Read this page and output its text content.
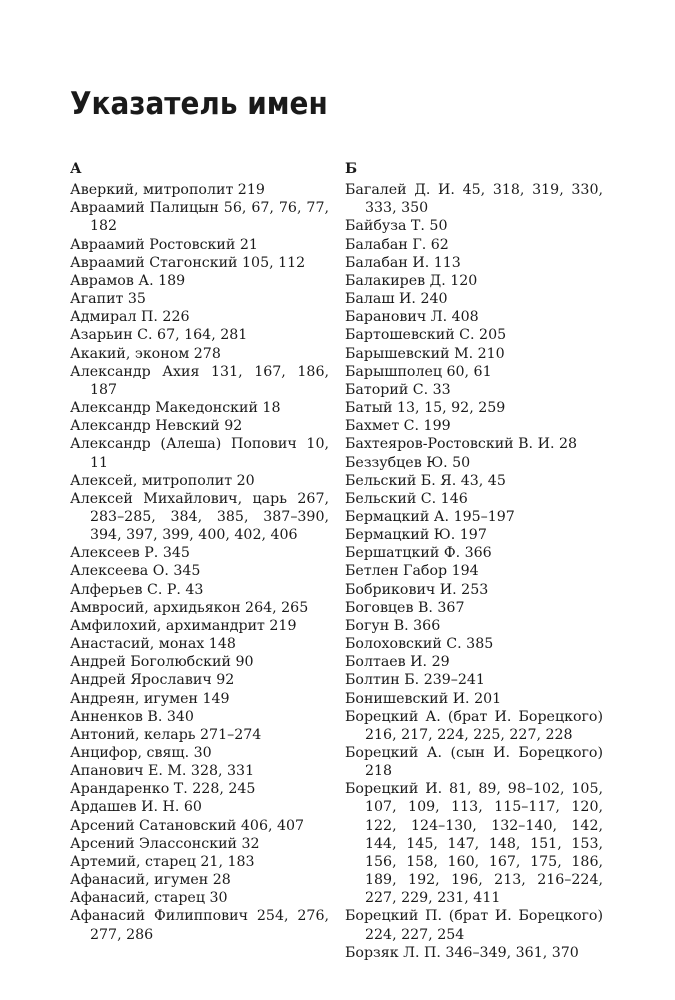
Указатель имен

А

Аверкий, митрополит 219

Авраамий Палицын 56, 67, 76, 77, 182

Авраамий Ростовский 21

Авраамий Стагонский 105, 112

Аврамов А. 189

Агапит 35

Адмирал П. 226

Азарьин С. 67, 164, 281

Акакий, эконом 278

Александр Ахия 131, 167, 186, 187

Александр Македонский 18

Александр Невский 92

Александр (Алеша) Попович 10, 11

Алексей, митрополит 20

Алексей Михайлович, царь 267, 283–285, 384, 385, 387–390, 394, 397, 399, 400, 402, 406

Алексеев Р. 345

Алексеева О. 345

Алферьев С. Р. 43

Амвросий, архидьякон 264, 265

Амфилохий, архимандрит 219

Анастасий, монах 148

Андрей Боголюбский 90

Андрей Ярославич 92

Андреян, игумен 149

Анненков В. 340

Антоний, келарь 271–274

Анцифор, свящ. 30

Апанович Е. М. 328, 331

Арандаренко Т. 228, 245

Ардашев И. Н. 60

Арсений Сатановский 406, 407

Арсений Элассонский 32

Артемий, старец 21, 183

Афанасий, игумен 28

Афанасий, старец 30

Афанасий Филиппович 254, 276, 277, 286

Б

Багалей Д. И. 45, 318, 319, 330, 333, 350

Байбуза Т. 50

Балабан Г. 62

Балабан И. 113

Балакирев Д. 120

Балаш И. 240

Баранович Л. 408

Бартошевский С. 205

Барышевский М. 210

Барышполец 60, 61

Баторий С. 33

Батый 13, 15, 92, 259

Бахмет С. 199

Бахтеяров-Ростовский В. И. 28

Беззубцев Ю. 50

Бельский Б. Я. 43, 45

Бельский С. 146

Бермацкий А. 195–197

Бермацкий Ю. 197

Бершатцкий Ф. 366

Бетлен Габор 194

Бобрикович И. 253

Боговцев В. 367

Богун В. 366

Болоховский С. 385

Болтаев И. 29

Болтин Б. 239–241

Бонишевский И. 201

Борецкий А. (брат И. Борецкого) 216, 217, 224, 225, 227, 228

Борецкий А. (сын И. Борецкого) 218

Борецкий И. 81, 89, 98–102, 105, 107, 109, 113, 115–117, 120, 122, 124–130, 132–140, 142, 144, 145, 147, 148, 151, 153, 156, 158, 160, 167, 175, 186, 189, 192, 196, 213, 216–224, 227, 229, 231, 411

Борецкий П. (брат И. Борецкого) 224, 227, 254

Борзяк Л. П. 346–349, 361, 370
